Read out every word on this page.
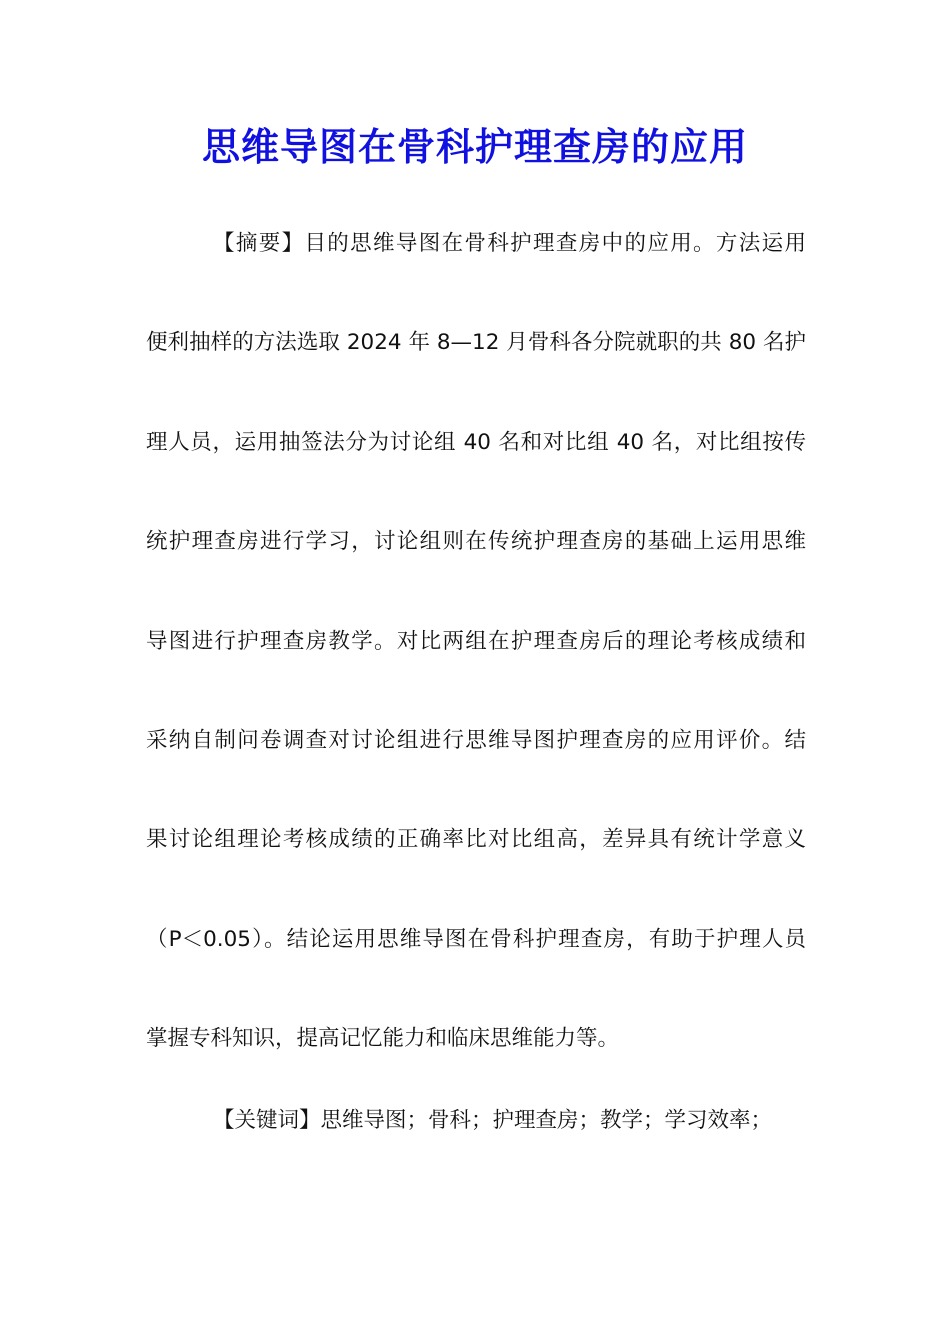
思维导图在骨科护理查房的应用
【摘要】目的思维导图在骨科护理查房中的应用。方法运用
便利抽样的方法选取 2024 年 8—12 月骨科各分院就职的共 80 名护
理人员，运用抽签法分为讨论组 40 名和对比组 40 名，对比组按传
统护理查房进行学习，讨论组则在传统护理查房的基础上运用思维
导图进行护理查房教学。对比两组在护理查房后的理论考核成绩和
采纳自制问卷调查对讨论组进行思维导图护理查房的应用评价。结
果讨论组理论考核成绩的正确率比对比组高，差异具有统计学意义
（P＜0.05）。结论运用思维导图在骨科护理查房，有助于护理人员
掌握专科知识，提高记忆能力和临床思维能力等。
【关键词】思维导图；骨科；护理查房；教学；学习效率；
